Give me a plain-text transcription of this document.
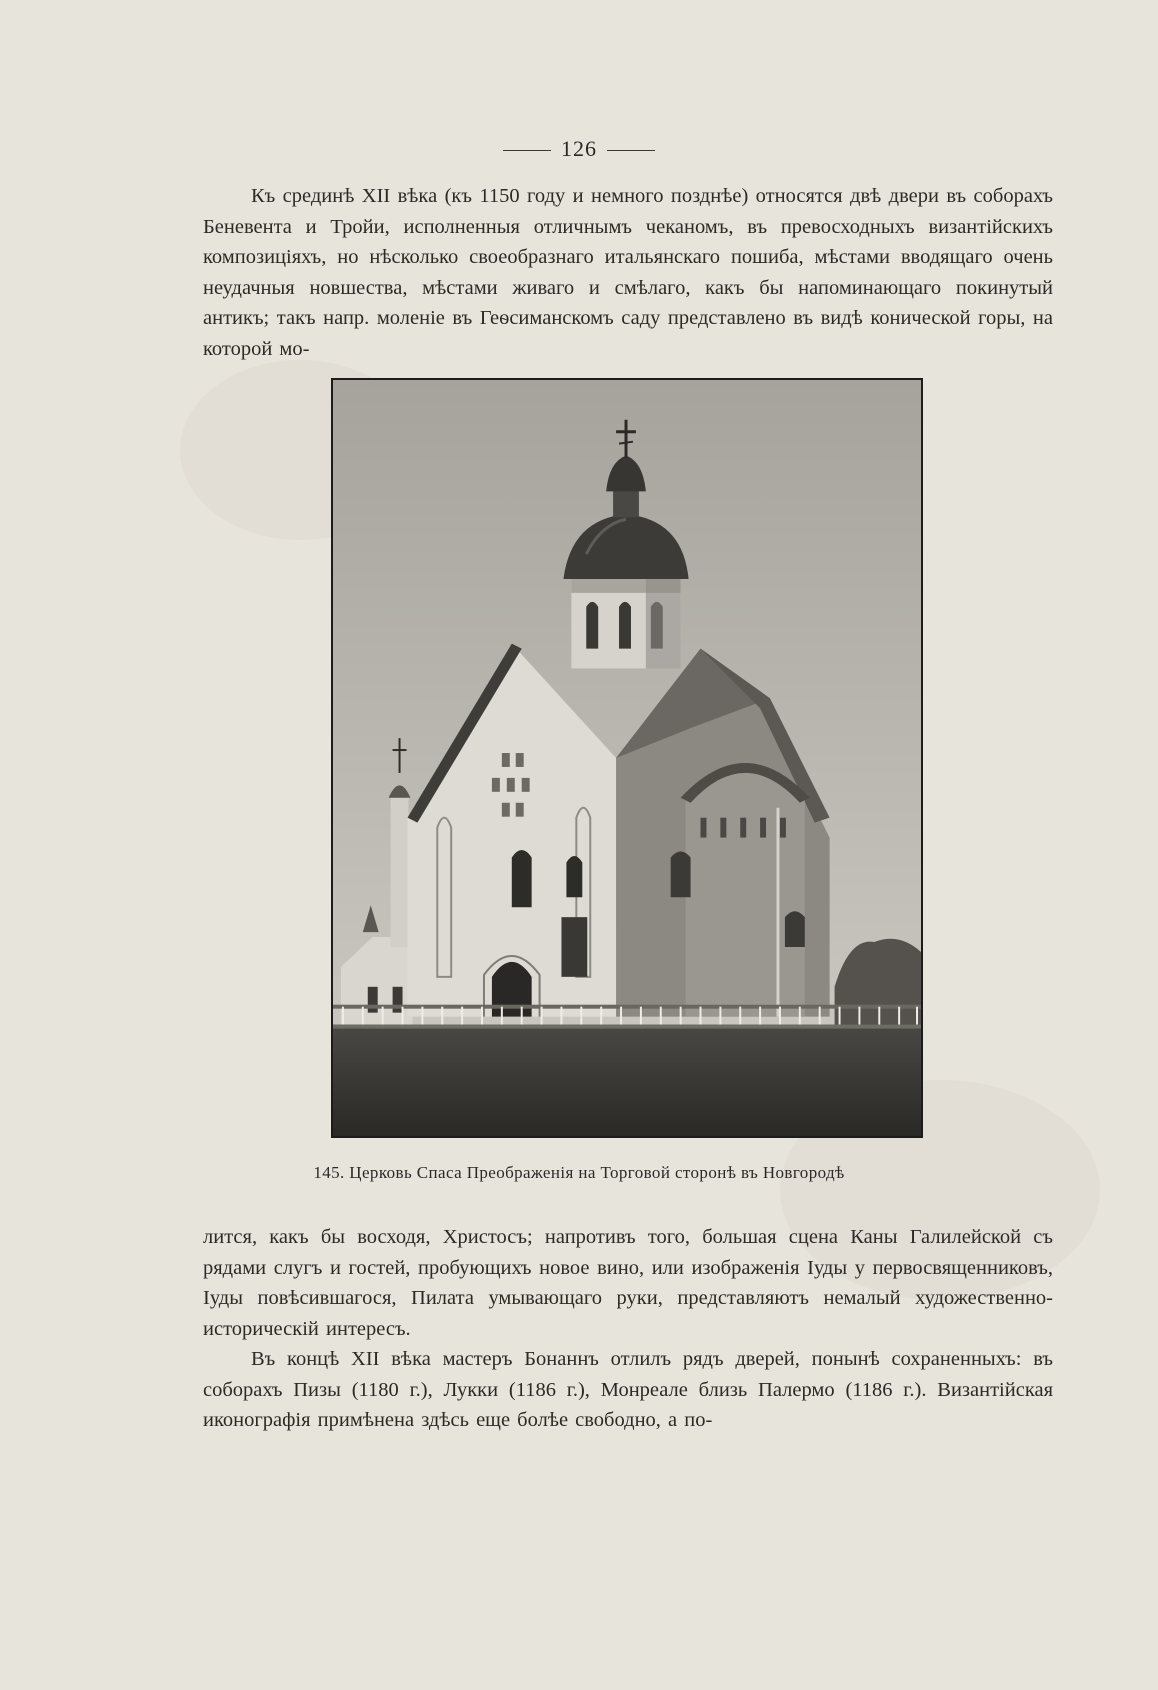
126

Къ срединѣ XII вѣка (къ 1150 году и немного позднѣе) относятся двѣ двери въ соборахъ Беневента и Тройи, исполненныя отличнымъ чеканомъ, въ превосходныхъ византійскихъ композиціяхъ, но нѣсколько своеобразнаго итальянскаго пошиба, мѣстами вводящаго очень неудачныя новшества, мѣстами живаго и смѣлаго, какъ бы напоминающаго покинутый антикъ; такъ напр. моленіе въ Геѳсиманскомъ саду представлено въ видѣ конической горы, на которой мо-

145. Церковь Спаса Преображенія на Торговой сторонѣ въ Новгородѣ

лится, какъ бы восходя, Христосъ; напротивъ того, большая сцена Каны Галилейской съ рядами слугъ и гостей, пробующихъ новое вино, или изображенія Іуды у первосвященниковъ, Іуды повѣсившагося, Пилата умывающаго руки, представляютъ немалый художественно-историческій интересъ.

Въ концѣ XII вѣка мастеръ Бонаннъ отлилъ рядъ дверей, понынѣ сохраненныхъ: въ соборахъ Пизы (1180 г.), Лукки (1186 г.), Монреале близь Палермо (1186 г.). Византійская иконографія примѣнена здѣсь еще болѣе свободно, а по-
